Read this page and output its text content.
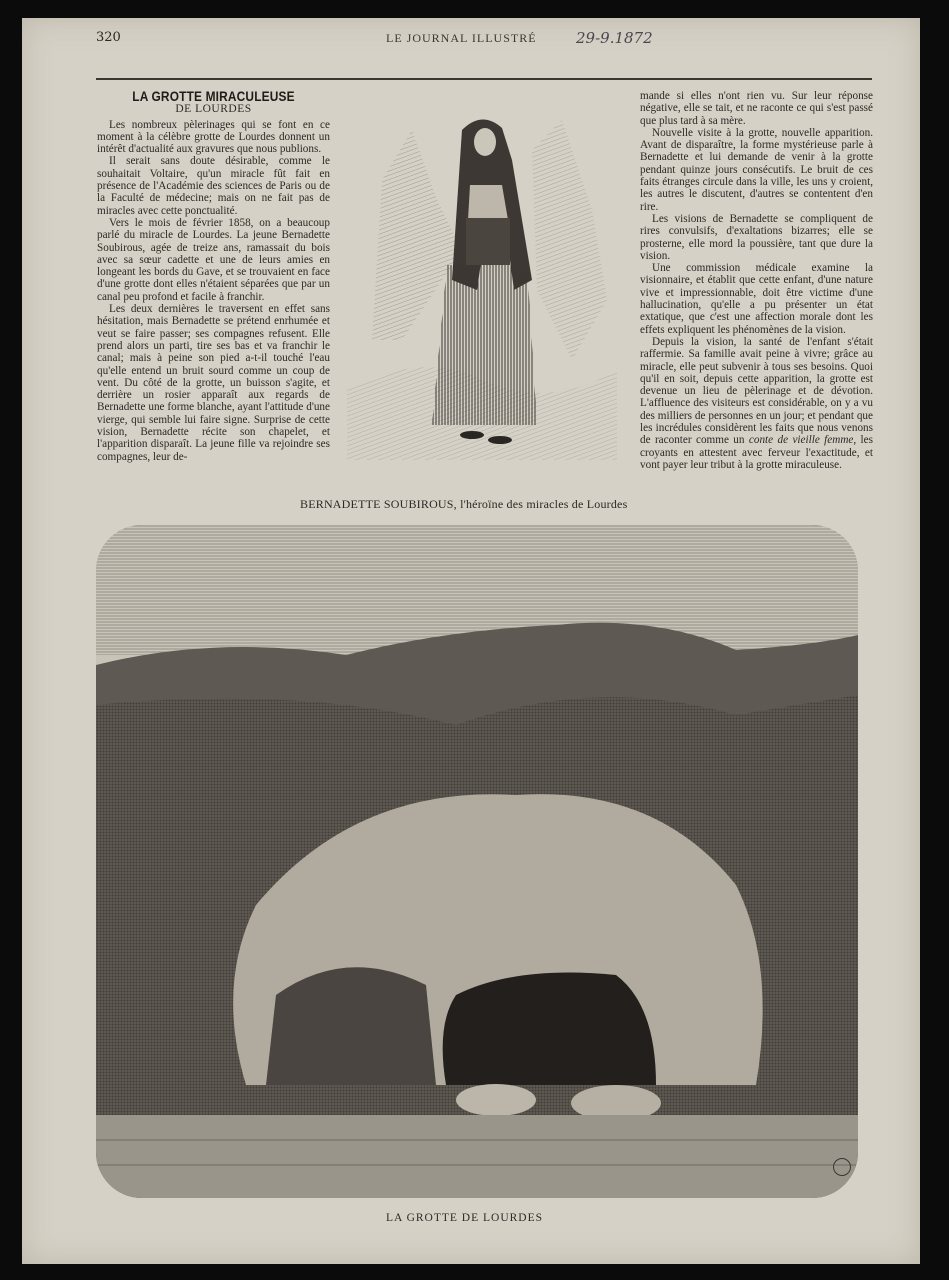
320	LE JOURNAL ILLUSTRÉ	29-9.1872
LA GROTTE MIRACULEUSE
DE LOURDES

Les nombreux pèlerinages qui se font en ce moment à la célèbre grotte de Lourdes donnent un intérêt d'actualité aux gravures que nous publions.

Il serait sans doute désirable, comme le souhaitait Voltaire, qu'un miracle fût fait en présence de l'Académie des sciences de Paris ou de la Faculté de médecine; mais on ne fait pas de miracles avec cette ponctualité.

Vers le mois de février 1858, on a beaucoup parlé du miracle de Lourdes. La jeune Bernadette Soubirous, agée de treize ans, ramassait du bois avec sa sœur cadette et une de leurs amies en longeant les bords du Gave, et se trouvaient en face d'une grotte dont elles n'étaient séparées que par un canal peu profond et facile à franchir.

Les deux dernières le traversent en effet sans hésitation, mais Bernadette se prétend enrhumée et veut se faire passer; ses compagnes refusent. Elle prend alors un parti, tire ses bas et va franchir le canal; mais à peine son pied a-t-il touché l'eau qu'elle entend un bruit sourd comme un coup de vent. Du côté de la grotte, un buisson s'agite, et derrière un rosier apparaît aux regards de Bernadette une forme blanche, ayant l'attitude d'une vierge, qui semble lui faire signe. Surprise de cette vision, Bernadette récite son chapelet, et l'apparition disparaît. La jeune fille va rejoindre ses compagnes, leur de-

mande si elles n'ont rien vu. Sur leur réponse négative, elle se tait, et ne raconte ce qui s'est passé que plus tard à sa mère.

Nouvelle visite à la grotte, nouvelle apparition. Avant de disparaître, la forme mystérieuse parle à Bernadette et lui demande de venir à la grotte pendant quinze jours consécutifs. Le bruit de ces faits étranges circule dans la ville, les uns y croient, les autres le discutent, d'autres se contentent d'en rire.

Les visions de Bernadette se compliquent de rires convulsifs, d'exaltations bizarres; elle se prosterne, elle mord la poussière, tant que dure la vision.

Une commission médicale examine la visionnaire, et établit que cette enfant, d'une nature vive et impressionnable, doit être victime d'une hallucination, qu'elle a pu présenter un état extatique, que c'est une affection morale dont les effets expliquent les phénomènes de la vision.

Depuis la vision, la santé de l'enfant s'était raffermie. Sa famille avait peine à vivre; grâce au miracle, elle peut subvenir à tous ses besoins. Quoi qu'il en soit, depuis cette apparition, la grotte est devenue un lieu de pèlerinage et de dévotion. L'affluence des visiteurs est considérable, on y a vu des milliers de personnes en un jour; et pendant que les incrédules considèrent les faits que nous venons de raconter comme un conte de vieille femme, les croyants en attestent avec ferveur l'exactitude, et vont payer leur tribut à la grotte miraculeuse.

BERNADETTE SOUBIROUS, l'héroïne des miracles de Lourdes
LA GROTTE DE LOURDES
